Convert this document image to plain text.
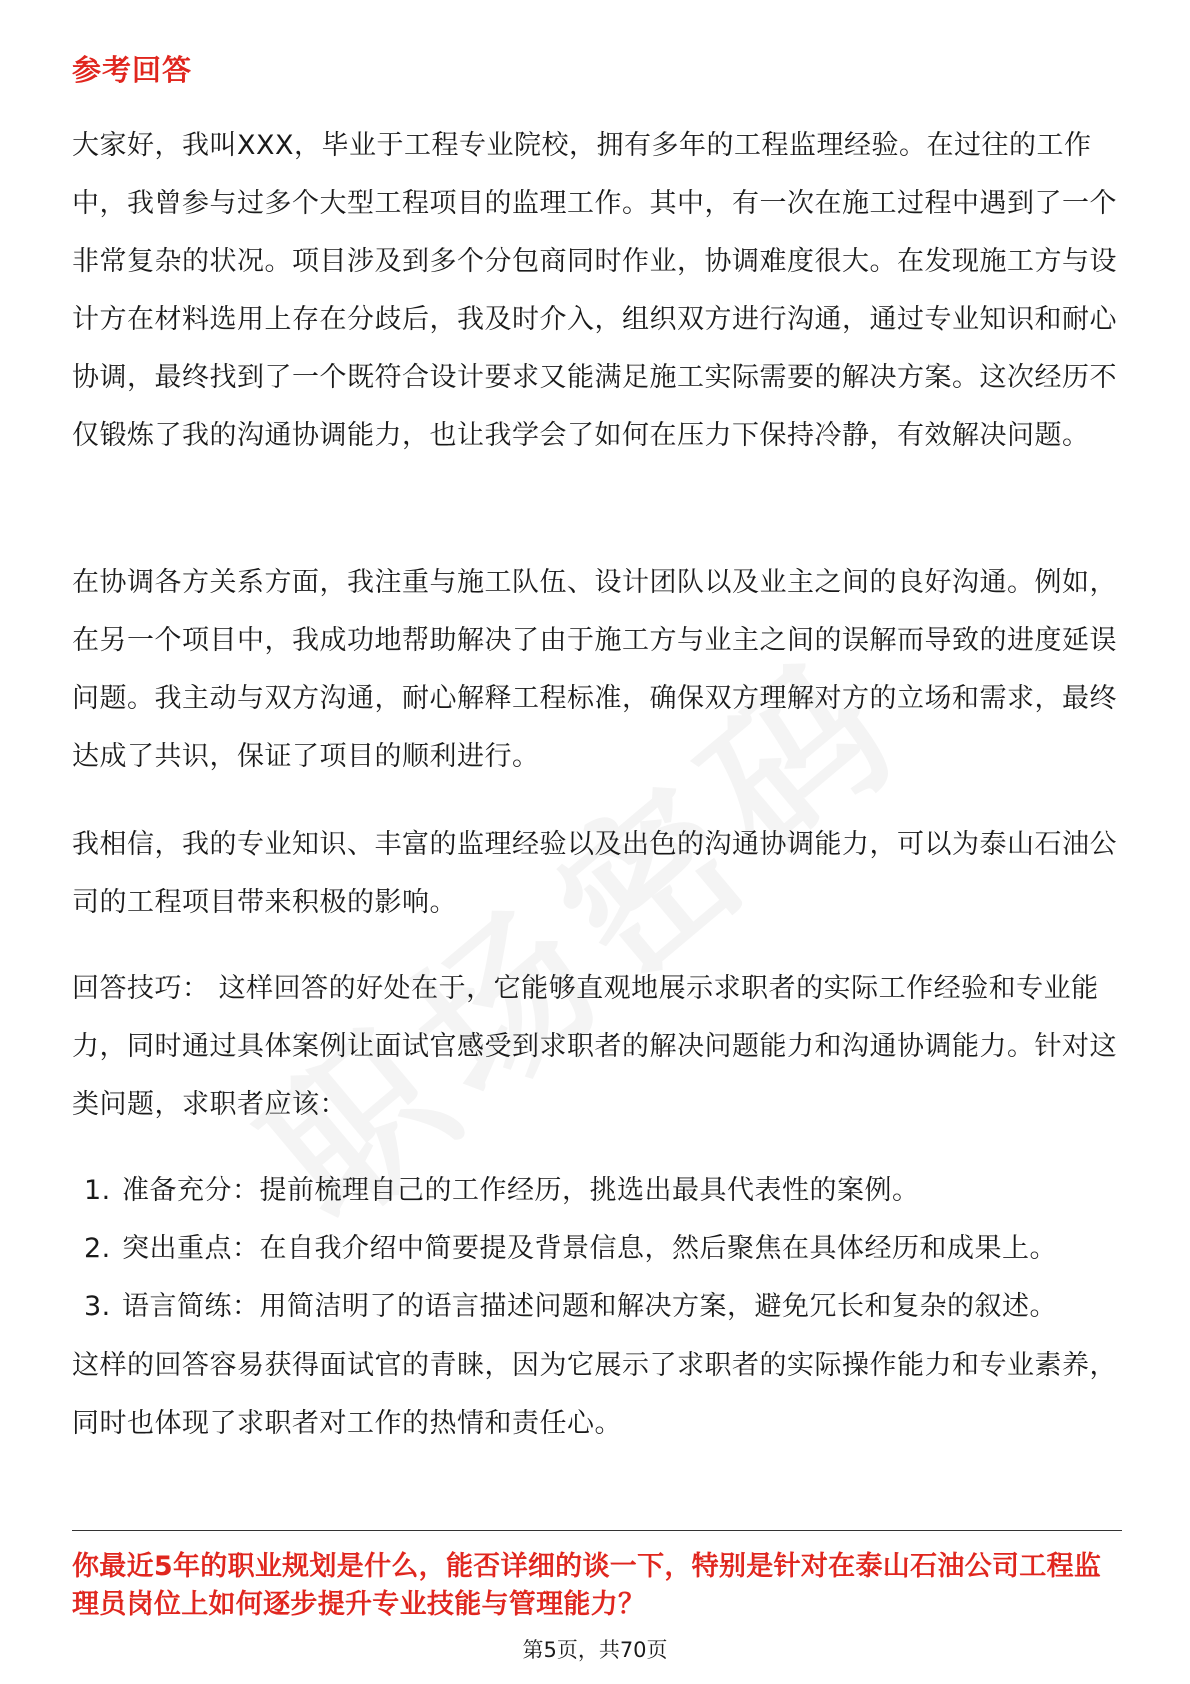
参考回答

大家好，我叫XXX，毕业于工程专业院校，拥有多年的工程监理经验。在过往的工作中，我曾参与过多个大型工程项目的监理工作。其中，有一次在施工过程中遇到了一个非常复杂的状况。项目涉及到多个分包商同时作业，协调难度很大。在发现施工方与设计方在材料选用上存在分歧后，我及时介入，组织双方进行沟通，通过专业知识和耐心协调，最终找到了一个既符合设计要求又能满足施工实际需要的解决方案。这次经历不仅锻炼了我的沟通协调能力，也让我学会了如何在压力下保持冷静，有效解决问题。

在协调各方关系方面，我注重与施工队伍、设计团队以及业主之间的良好沟通。例如，在另一个项目中，我成功地帮助解决了由于施工方与业主之间的误解而导致的进度延误问题。我主动与双方沟通，耐心解释工程标准，确保双方理解对方的立场和需求，最终达成了共识，保证了项目的顺利进行。

我相信，我的专业知识、丰富的监理经验以及出色的沟通协调能力，可以为泰山石油公司的工程项目带来积极的影响。

回答技巧： 这样回答的好处在于，它能够直观地展示求职者的实际工作经验和专业能力，同时通过具体案例让面试官感受到求职者的解决问题能力和沟通协调能力。针对这类问题，求职者应该：

1. 准备充分：提前梳理自己的工作经历，挑选出最具代表性的案例。
2. 突出重点：在自我介绍中简要提及背景信息，然后聚焦在具体经历和成果上。
3. 语言简练：用简洁明了的语言描述问题和解决方案，避免冗长和复杂的叙述。

这样的回答容易获得面试官的青睐，因为它展示了求职者的实际操作能力和专业素养，同时也体现了求职者对工作的热情和责任心。

你最近5年的职业规划是什么，能否详细的谈一下，特别是针对在泰山石油公司工程监理员岗位上如何逐步提升专业技能与管理能力？

第5页，共70页
